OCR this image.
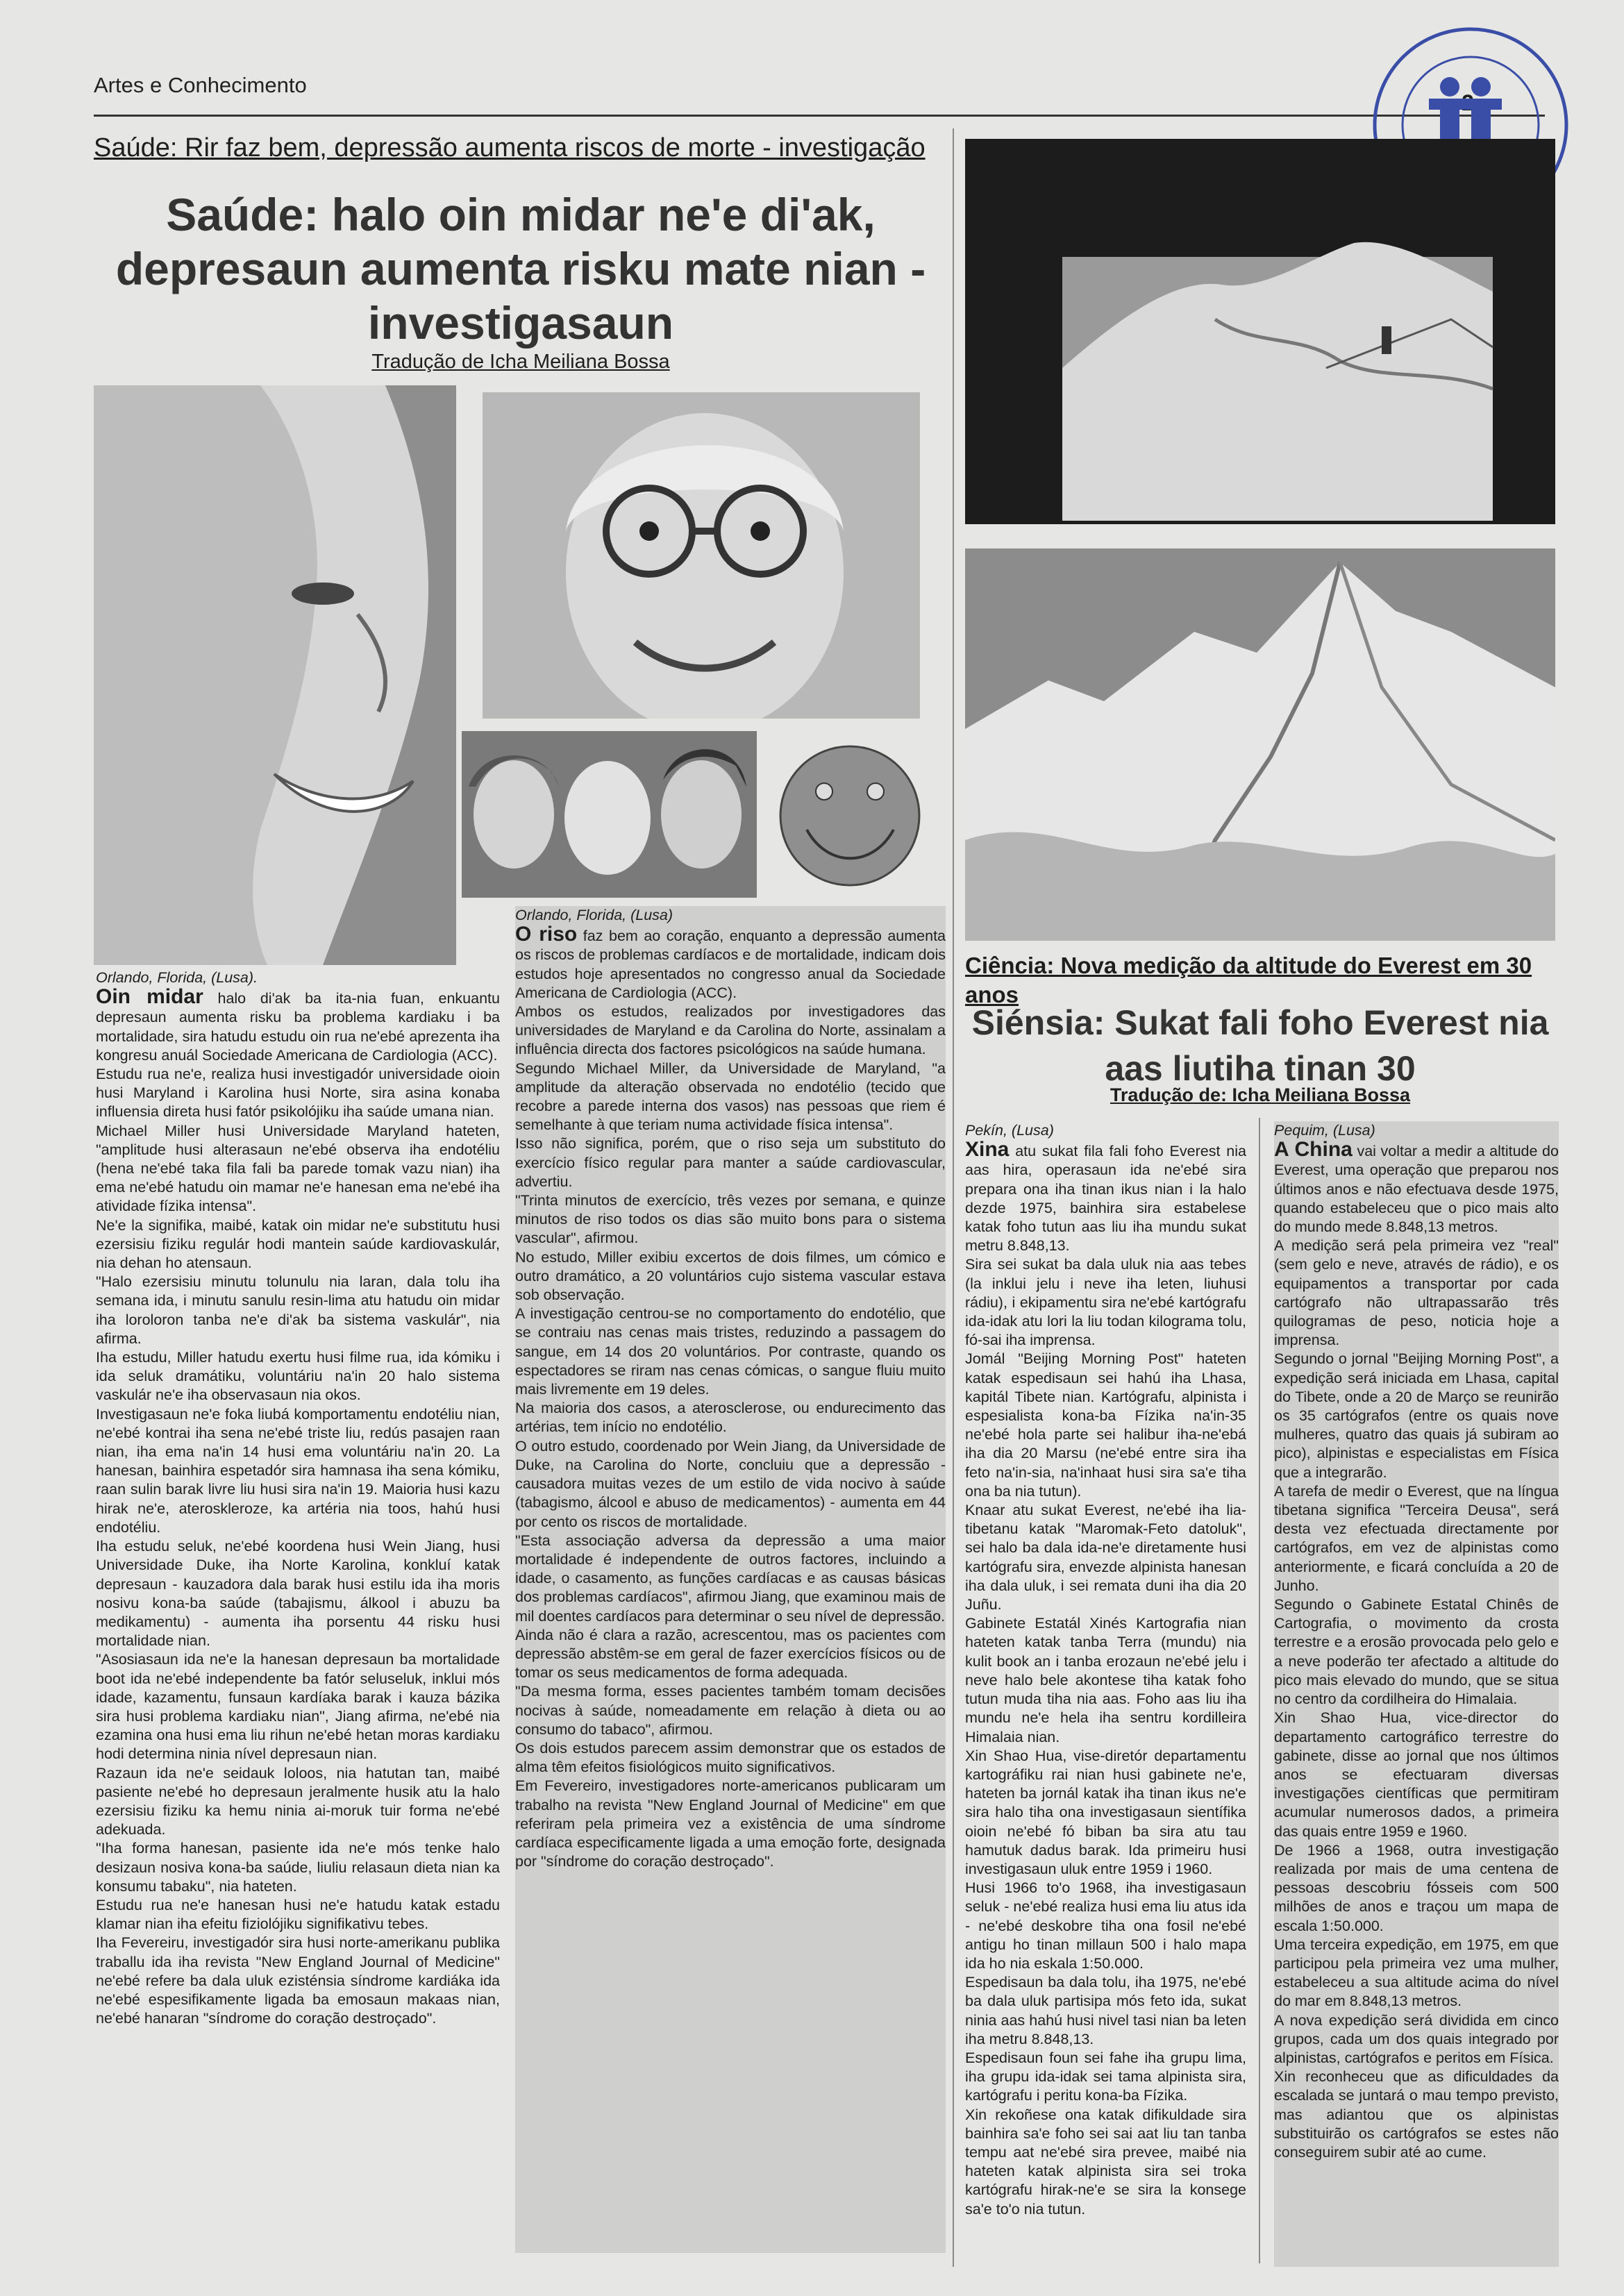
Artes e Conhecimento
Saúde: Rir faz bem, depressão aumenta riscos de morte - investigação
Saúde: halo oin midar ne'e di'ak, depresaun aumenta risku mate nian - investigasaun
Tradução de Icha Meiliana Bossa

Orlando, Florida, (Lusa).

Oin midar halo di'ak ba ita-nia fuan, enkuantu depresaun aumenta risku ba problema kardiaku i ba mortalidade, sira hatudu estudu oin rua ne'ebé aprezenta iha kongresu anuál Sociedade Americana de Cardiologia (ACC).

Estudu rua ne'e, realiza husi investigadór universidade oioin husi Maryland i Karolina husi Norte, sira asina konaba influensia direta husi fatór psikolójiku iha saúde umana nian.

Michael Miller husi Universidade Maryland hateten, "amplitude husi alterasaun ne'ebé observa iha endotéliu (hena ne'ebé taka fila fali ba parede tomak vazu nian) iha ema ne'ebé hatudu oin mamar ne'e hanesan ema ne'ebé iha atividade fízika intensa".

Ne'e la signifika, maibé, katak oin midar ne'e substitutu husi ezersisiu fiziku regulár hodi mantein saúde kardiovaskulár, nia dehan ho atensaun.

"Halo ezersisiu minutu tolunulu nia laran, dala tolu iha semana ida, i minutu sanulu resin-lima atu hatudu oin midar iha loroloron tanba ne'e di'ak ba sistema vaskulár", nia afirma.

Iha estudu, Miller hatudu exertu husi filme rua, ida kómiku i ida seluk dramátiku, voluntáriu na'in 20 halo sistema vaskulár ne'e iha observasaun nia okos.

Investigasaun ne'e foka liubá komportamentu endotéliu nian, ne'ebé kontrai iha sena ne'ebé triste liu, redús pasajen raan nian, iha ema na'in 14 husi ema voluntáriu na'in 20. La hanesan, bainhira espetadór sira hamnasa iha sena kómiku, raan sulin barak livre liu husi sira na'in 19. Maioria husi kazu hirak ne'e, aterosklerozе, ka artéria nia toos, hahú husi endotéliu.

Iha estudu seluk, ne'ebé koordena husi Wein Jiang, husi Universidade Duke, iha Norte Karolina, konkluí katak depresaun - kauzadora dala barak husi estilu ida iha moris nosivu kona-ba saúde (tabajismu, álkool i abuzu ba medikamentu) - aumenta iha porsentu 44 risku husi mortalidade nian.

"Asosiasaun ida ne'e la hanesan depresaun ba mortalidade boot ida ne'ebé independente ba fatór seluseluk, inklui mós idade, kazamentu, funsaun kardíaka barak i kauza bázika sira husi problema kardiaku nian", Jiang afirma, ne'ebé nia ezamina ona husi ema liu rihun ne'ebé hetan moras kardiaku hodi determina ninia nível depresaun nian.

Razaun ida ne'e seidauk loloos, nia hatutan tan, maibé pasiente ne'ebé ho depresaun jeralmente husik atu la halo ezersisiu fiziku ka hemu ninia ai-moruk tuir forma ne'ebé adekuada.

"Iha forma hanesan, pasiente ida ne'e mós tenke halo desizaun nosiva kona-ba saúde, liuliu relasaun dieta nian ka konsumu tabaku", nia hateten.

Estudu rua ne'e hanesan husi ne'e hatudu katak estadu klamar nian iha efeitu fiziolójiku signifikativu tebes.

Iha Fevereiru, investigadór sira husi norte-amerikanu publika traballu ida iha revista "New England Journal of Medicine" ne'ebé refere ba dala uluk ezisténsia síndrome kardiáka ida ne'ebé espesifikamente ligada ba emosaun makaas nian, ne'ebé hanaran "síndrome do coração destroçado".

Orlando, Florida, (Lusa)

O riso faz bem ao coração, enquanto a depressão aumenta os riscos de problemas cardíacos e de mortalidade, indicam dois estudos hoje apresentados no congresso anual da Sociedade Americana de Cardiologia (ACC).

Ambos os estudos, realizados por investigadores das universidades de Maryland e da Carolina do Norte, assinalam a influência directa dos factores psicológicos na saúde humana.

Segundo Michael Miller, da Universidade de Maryland, "a amplitude da alteração observada no endotélio (tecido que recobre a parede interna dos vasos) nas pessoas que riem é semelhante à que teriam numa actividade física intensa".

Isso não significa, porém, que o riso seja um substituto do exercício físico regular para manter a saúde cardiovascular, advertiu.

"Trinta minutos de exercício, três vezes por semana, e quinze minutos de riso todos os dias são muito bons para o sistema vascular", afirmou.

No estudo, Miller exibiu excertos de dois filmes, um cómico e outro dramático, a 20 voluntários cujo sistema vascular estava sob observação.

A investigação centrou-se no comportamento do endotélio, que se contraiu nas cenas mais tristes, reduzindo a passagem do sangue, em 14 dos 20 voluntários. Por contraste, quando os espectadores se riram nas cenas cómicas, o sangue fluiu muito mais livremente em 19 deles.

Na maioria dos casos, a aterosclerose, ou endurecimento das artérias, tem início no endotélio.

O outro estudo, coordenado por Wein Jiang, da Universidade de Duke, na Carolina do Norte, concluiu que a depressão - causadora muitas vezes de um estilo de vida nocivo à saúde (tabagismo, álcool e abuso de medicamentos) - aumenta em 44 por cento os riscos de mortalidade.

"Esta associação adversa da depressão a uma maior mortalidade é independente de outros factores, incluindo a idade, o casamento, as funções cardíacas e as causas básicas dos problemas cardíacos", afirmou Jiang, que examinou mais de mil doentes cardíacos para determinar o seu nível de depressão.

Ainda não é clara a razão, acrescentou, mas os pacientes com depressão abstêm-se em geral de fazer exercícios físicos ou de tomar os seus medicamentos de forma adequada.

"Da mesma forma, esses pacientes também tomam decisões nocivas à saúde, nomeadamente em relação à dieta ou ao consumo do tabaco", afirmou.

Os dois estudos parecem assim demonstrar que os estados de alma têm efeitos fisiológicos muito significativos.

Em Fevereiro, investigadores norte-americanos publicaram um trabalho na revista "New England Journal of Medicine" em que referiram pela primeira vez a existência de uma síndrome cardíaca especificamente ligada a uma emoção forte, designada por "síndrome do coração destroçado".

Ciência: Nova medição da altitude do Everest em 30 anos
Siénsia: Sukat fali foho Everest nia aas liutiha tinan 30
Tradução de: Icha Meiliana Bossa

Pekín, (Lusa)

Xina atu sukat fila fali foho Everest nia aas hira, operasaun ida ne'ebé sira prepara ona iha tinan ikus nian i la halo dezde 1975, bainhira sira estabelese katak foho tutun aas liu iha mundu sukat metru 8.848,13.

Sira sei sukat ba dala uluk nia aas tebes (la inklui jelu i neve iha leten, liuhusi rádiu), i ekipamentu sira ne'ebé kartógrafu ida-idak atu lori la liu todan kilograma tolu, fó-sai iha imprensa.

Jomál "Beijing Morning Post" hateten katak espedisaun sei hahú iha Lhasa, kapitál Tibete nian. Kartógrafu, alpinista i espesialista kona-ba Fízika na'in-35 ne'ebé hola parte sei halibur iha-ne'ebá iha dia 20 Marsu (ne'ebé entre sira iha feto na'in-sia, na'inhaat husi sira sa'e tiha ona ba nia tutun).

Knaar atu sukat Everest, ne'ebé iha lia-tibetanu katak "Maromak-Feto datoluk", sei halo ba dala ida-ne'e diretamente husi kartógrafu sira, envezde alpinista hanesan iha dala uluk, i sei remata duni iha dia 20 Juñu.

Gabinete Estatál Xinés Kartografia nian hateten katak tanba Terra (mundu) nia kulit book an i tanba erozaun ne'ebé jelu i neve halo bele akontese tiha katak foho tutun muda tiha nia aas. Foho aas liu iha mundu ne'e hela iha sentru kordilleira Himalaia nian.

Xin Shao Hua, vise-diretór departamentu kartográfiku rai nian husi gabinete ne'e, hateten ba jornál katak iha tinan ikus ne'e sira halo tiha ona investigasaun sientífika oioin ne'ebé fó biban ba sira atu tau hamutuk dadus barak. Ida primeiru husi investigasaun uluk entre 1959 i 1960.

Husi 1966 to'o 1968, iha investigasaun seluk - ne'ebé realiza husi ema liu atus ida - ne'ebé deskobre tiha ona fosil ne'ebé antigu ho tinan millaun 500 i halo mapa ida ho nia eskala 1:50.000.

Espedisaun ba dala tolu, iha 1975, ne'ebé ba dala uluk partisipa mós feto ida, sukat ninia aas hahú husi nivel tasi nian ba leten iha metru 8.848,13.

Espedisaun foun sei fahe iha grupu lima, iha grupu ida-idak sei tama alpinista sira, kartógrafu i peritu kona-ba Fízika.

Xin rekoñese ona katak difikuldade sira bainhira sa'e foho sei sai aat liu tan tanba tempu aat ne'ebé sira prevee, maibé nia hateten katak alpinista sira sei troka kartógrafu hirak-ne'e se sira la konsege sa'e to'o nia tutun.

Pequim, (Lusa)

A China vai voltar a medir a altitude do Everest, uma operação que preparou nos últimos anos e não efectuava desde 1975, quando estabeleceu que o pico mais alto do mundo mede 8.848,13 metros.

A medição será pela primeira vez "real" (sem gelo e neve, através de rádio), e os equipamentos a transportar por cada cartógrafo não ultrapassarão três quilogramas de peso, noticia hoje a imprensa.

Segundo o jornal "Beijing Morning Post", a expedição será iniciada em Lhasa, capital do Tibete, onde a 20 de Março se reunirão os 35 cartógrafos (entre os quais nove mulheres, quatro das quais já subiram ao pico), alpinistas e especialistas em Física que a integrarão.

A tarefa de medir o Everest, que na língua tibetana significa "Terceira Deusa", será desta vez efectuada directamente por cartógrafos, em vez de alpinistas como anteriormente, e ficará concluída a 20 de Junho.

Segundo o Gabinete Estatal Chinês de Cartografia, o movimento da crosta terrestre e a erosão provocada pelo gelo e a neve poderão ter afectado a altitude do pico mais elevado do mundo, que se situa no centro da cordilheira do Himalaia.

Xin Shao Hua, vice-director do departamento cartográfico terrestre do gabinete, disse ao jornal que nos últimos anos se efectuaram diversas investigações científicas que permitiram acumular numerosos dados, a primeira das quais entre 1959 e 1960.

De 1966 a 1968, outra investigação realizada por mais de uma centena de pessoas descobriu fósseis com 500 milhões de anos e traçou um mapa de escala 1:50.000.

Uma terceira expedição, em 1975, em que participou pela primeira vez uma mulher, estabeleceu a sua altitude acima do nível do mar em 8.848,13 metros.

A nova expedição será dividida em cinco grupos, cada um dos quais integrado por alpinistas, cartógrafos e peritos em Física.

Xin reconheceu que as dificuldades da escalada se juntará o mau tempo previsto, mas adiantou que os alpinistas substituirão os cartógrafos se estes não conseguirem subir até ao cume.
